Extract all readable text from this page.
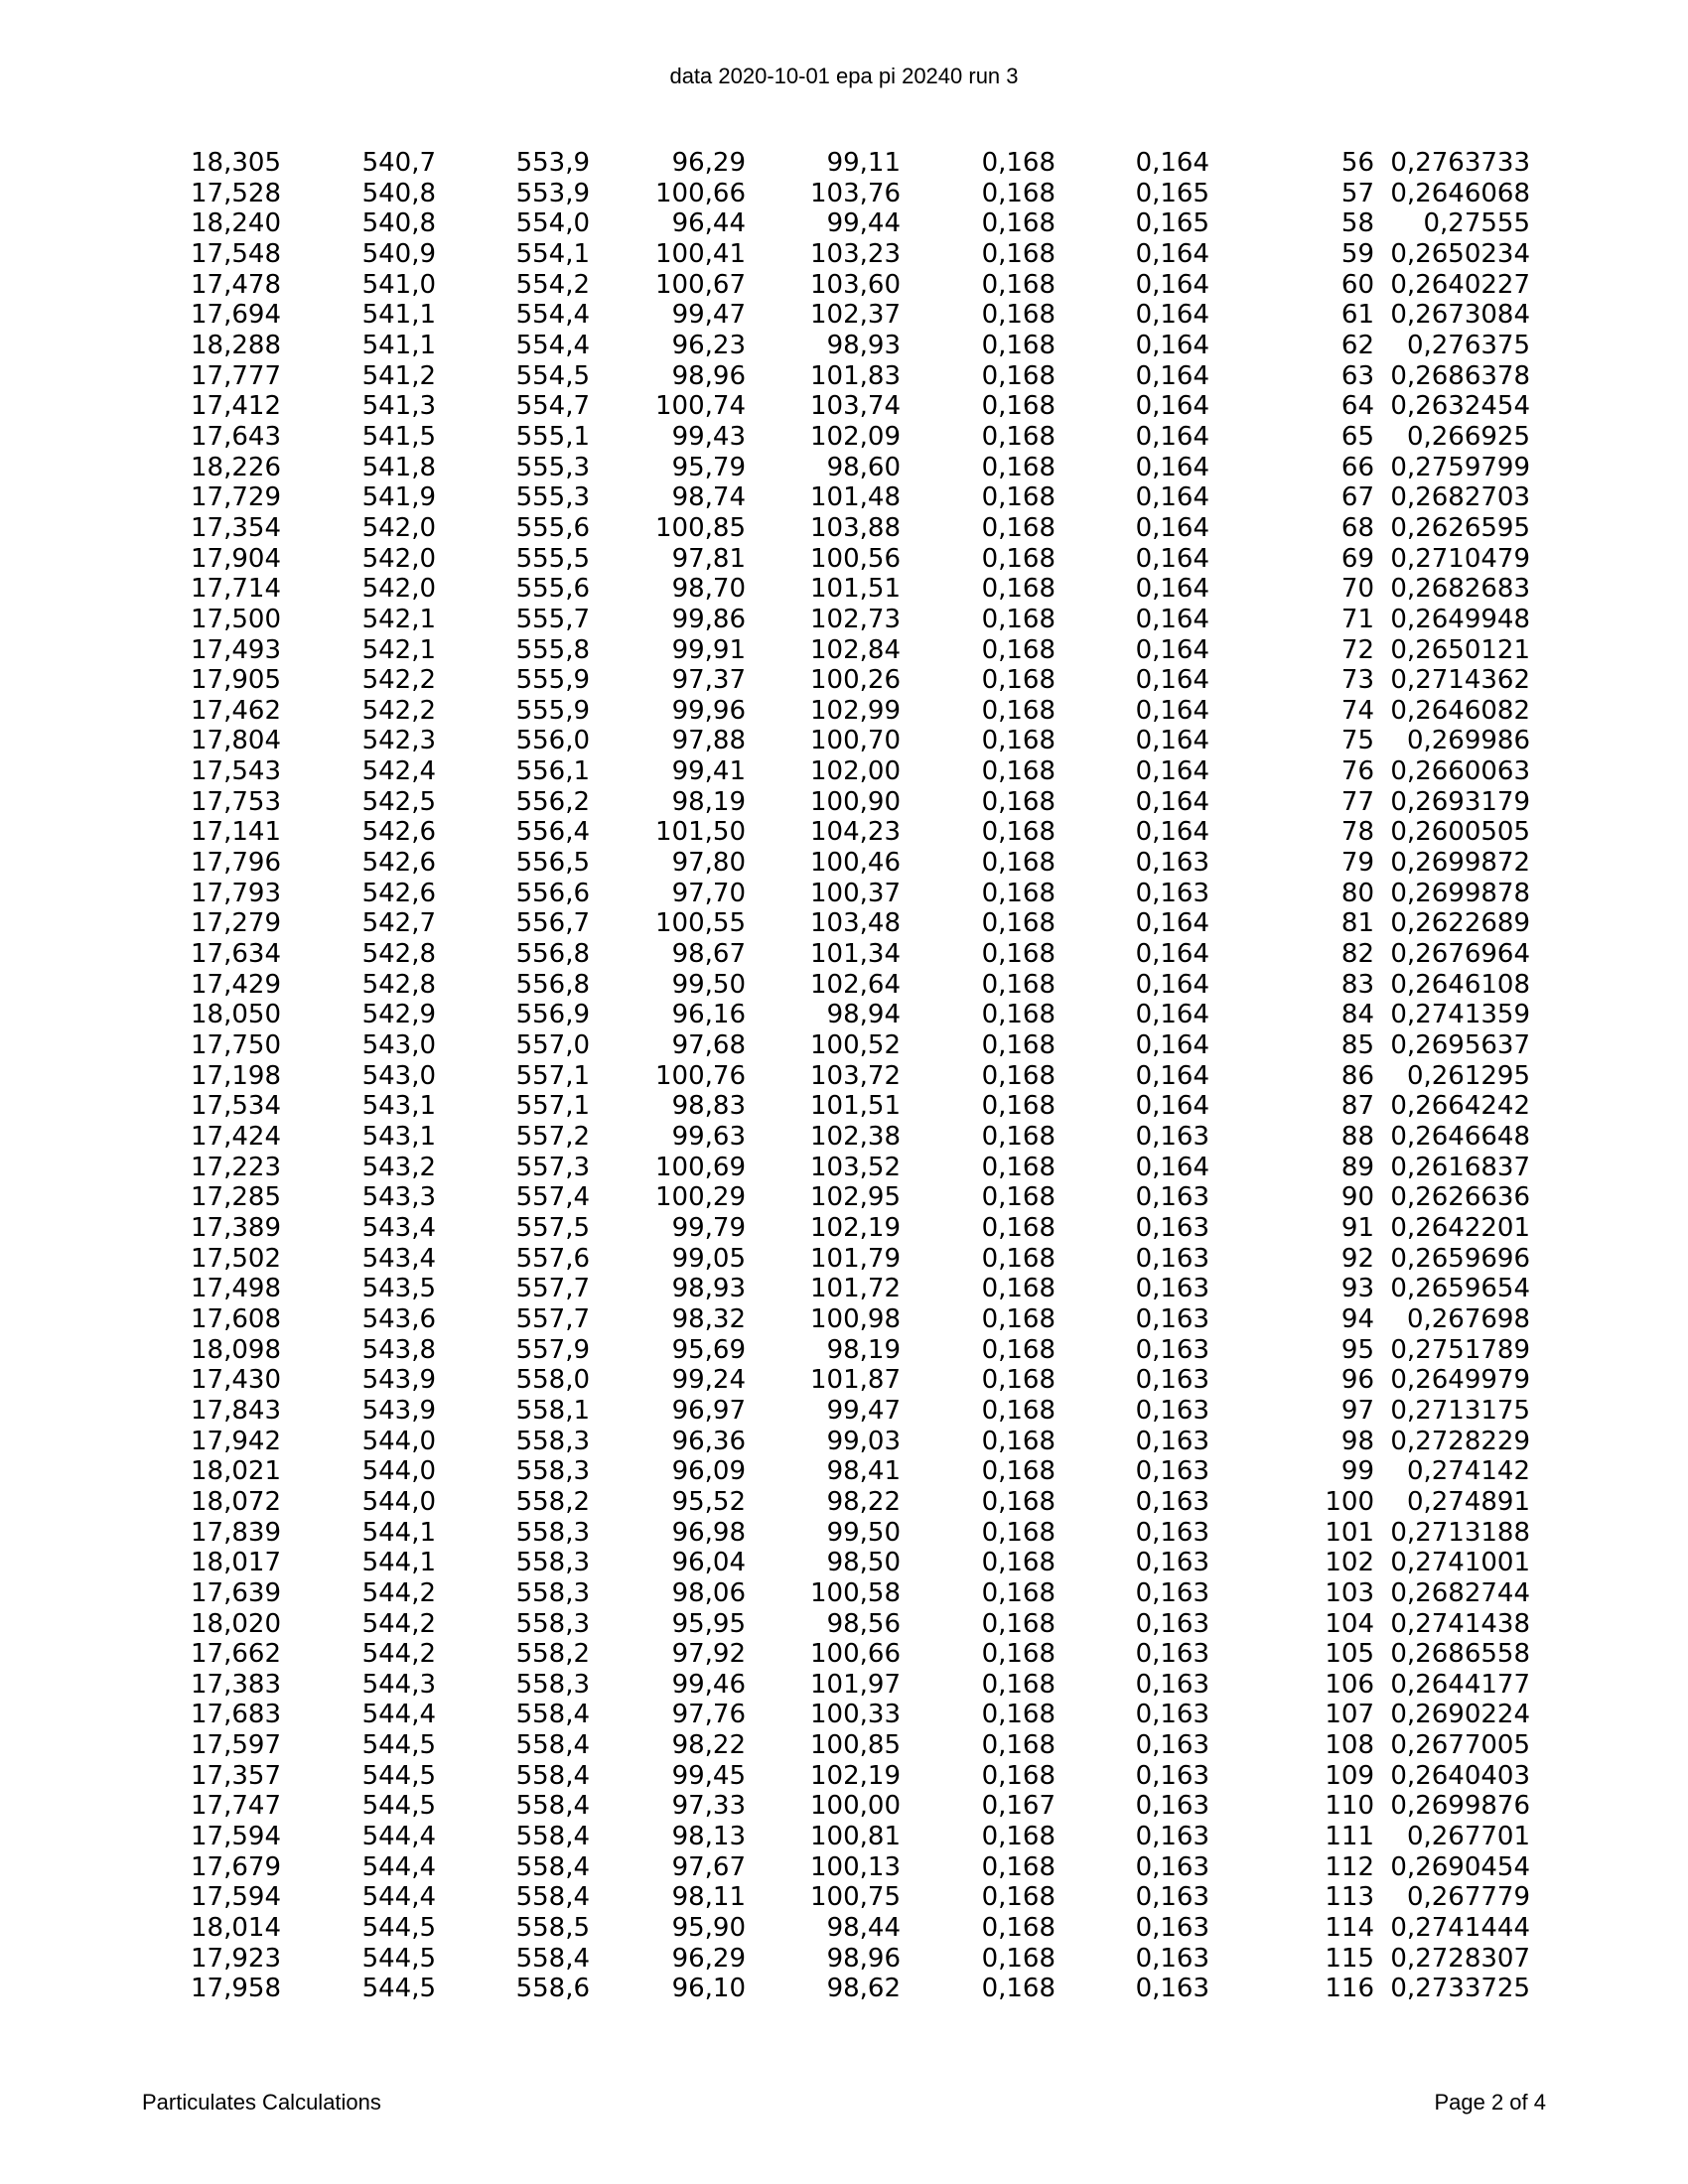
data 2020-10-01 epa pi 20240 run 3
18,305	540,7	553,9	96,29	99,11	0,168	0,164	56	0,2763733
17,528	540,8	553,9	100,66	103,76	0,168	0,165	57	0,2646068
18,240	540,8	554,0	96,44	99,44	0,168	0,165	58	0,27555
17,548	540,9	554,1	100,41	103,23	0,168	0,164	59	0,2650234
17,478	541,0	554,2	100,67	103,60	0,168	0,164	60	0,2640227
17,694	541,1	554,4	99,47	102,37	0,168	0,164	61	0,2673084
18,288	541,1	554,4	96,23	98,93	0,168	0,164	62	0,276375
17,777	541,2	554,5	98,96	101,83	0,168	0,164	63	0,2686378
17,412	541,3	554,7	100,74	103,74	0,168	0,164	64	0,2632454
17,643	541,5	555,1	99,43	102,09	0,168	0,164	65	0,266925
18,226	541,8	555,3	95,79	98,60	0,168	0,164	66	0,2759799
17,729	541,9	555,3	98,74	101,48	0,168	0,164	67	0,2682703
17,354	542,0	555,6	100,85	103,88	0,168	0,164	68	0,2626595
17,904	542,0	555,5	97,81	100,56	0,168	0,164	69	0,2710479
17,714	542,0	555,6	98,70	101,51	0,168	0,164	70	0,2682683
17,500	542,1	555,7	99,86	102,73	0,168	0,164	71	0,2649948
17,493	542,1	555,8	99,91	102,84	0,168	0,164	72	0,2650121
17,905	542,2	555,9	97,37	100,26	0,168	0,164	73	0,2714362
17,462	542,2	555,9	99,96	102,99	0,168	0,164	74	0,2646082
17,804	542,3	556,0	97,88	100,70	0,168	0,164	75	0,269986
17,543	542,4	556,1	99,41	102,00	0,168	0,164	76	0,2660063
17,753	542,5	556,2	98,19	100,90	0,168	0,164	77	0,2693179
17,141	542,6	556,4	101,50	104,23	0,168	0,164	78	0,2600505
17,796	542,6	556,5	97,80	100,46	0,168	0,163	79	0,2699872
17,793	542,6	556,6	97,70	100,37	0,168	0,163	80	0,2699878
17,279	542,7	556,7	100,55	103,48	0,168	0,164	81	0,2622689
17,634	542,8	556,8	98,67	101,34	0,168	0,164	82	0,2676964
17,429	542,8	556,8	99,50	102,64	0,168	0,164	83	0,2646108
18,050	542,9	556,9	96,16	98,94	0,168	0,164	84	0,2741359
17,750	543,0	557,0	97,68	100,52	0,168	0,164	85	0,2695637
17,198	543,0	557,1	100,76	103,72	0,168	0,164	86	0,261295
17,534	543,1	557,1	98,83	101,51	0,168	0,164	87	0,2664242
17,424	543,1	557,2	99,63	102,38	0,168	0,163	88	0,2646648
17,223	543,2	557,3	100,69	103,52	0,168	0,164	89	0,2616837
17,285	543,3	557,4	100,29	102,95	0,168	0,163	90	0,2626636
17,389	543,4	557,5	99,79	102,19	0,168	0,163	91	0,2642201
17,502	543,4	557,6	99,05	101,79	0,168	0,163	92	0,2659696
17,498	543,5	557,7	98,93	101,72	0,168	0,163	93	0,2659654
17,608	543,6	557,7	98,32	100,98	0,168	0,163	94	0,267698
18,098	543,8	557,9	95,69	98,19	0,168	0,163	95	0,2751789
17,430	543,9	558,0	99,24	101,87	0,168	0,163	96	0,2649979
17,843	543,9	558,1	96,97	99,47	0,168	0,163	97	0,2713175
17,942	544,0	558,3	96,36	99,03	0,168	0,163	98	0,2728229
18,021	544,0	558,3	96,09	98,41	0,168	0,163	99	0,274142
18,072	544,0	558,2	95,52	98,22	0,168	0,163	100	0,274891
17,839	544,1	558,3	96,98	99,50	0,168	0,163	101	0,2713188
18,017	544,1	558,3	96,04	98,50	0,168	0,163	102	0,2741001
17,639	544,2	558,3	98,06	100,58	0,168	0,163	103	0,2682744
18,020	544,2	558,3	95,95	98,56	0,168	0,163	104	0,2741438
17,662	544,2	558,2	97,92	100,66	0,168	0,163	105	0,2686558
17,383	544,3	558,3	99,46	101,97	0,168	0,163	106	0,2644177
17,683	544,4	558,4	97,76	100,33	0,168	0,163	107	0,2690224
17,597	544,5	558,4	98,22	100,85	0,168	0,163	108	0,2677005
17,357	544,5	558,4	99,45	102,19	0,168	0,163	109	0,2640403
17,747	544,5	558,4	97,33	100,00	0,167	0,163	110	0,2699876
17,594	544,4	558,4	98,13	100,81	0,168	0,163	111	0,267701
17,679	544,4	558,4	97,67	100,13	0,168	0,163	112	0,2690454
17,594	544,4	558,4	98,11	100,75	0,168	0,163	113	0,267779
18,014	544,5	558,5	95,90	98,44	0,168	0,163	114	0,2741444
17,923	544,5	558,4	96,29	98,96	0,168	0,163	115	0,2728307
17,958	544,5	558,6	96,10	98,62	0,168	0,163	116	0,2733725
Particulates Calculations	Page 2 of 4
